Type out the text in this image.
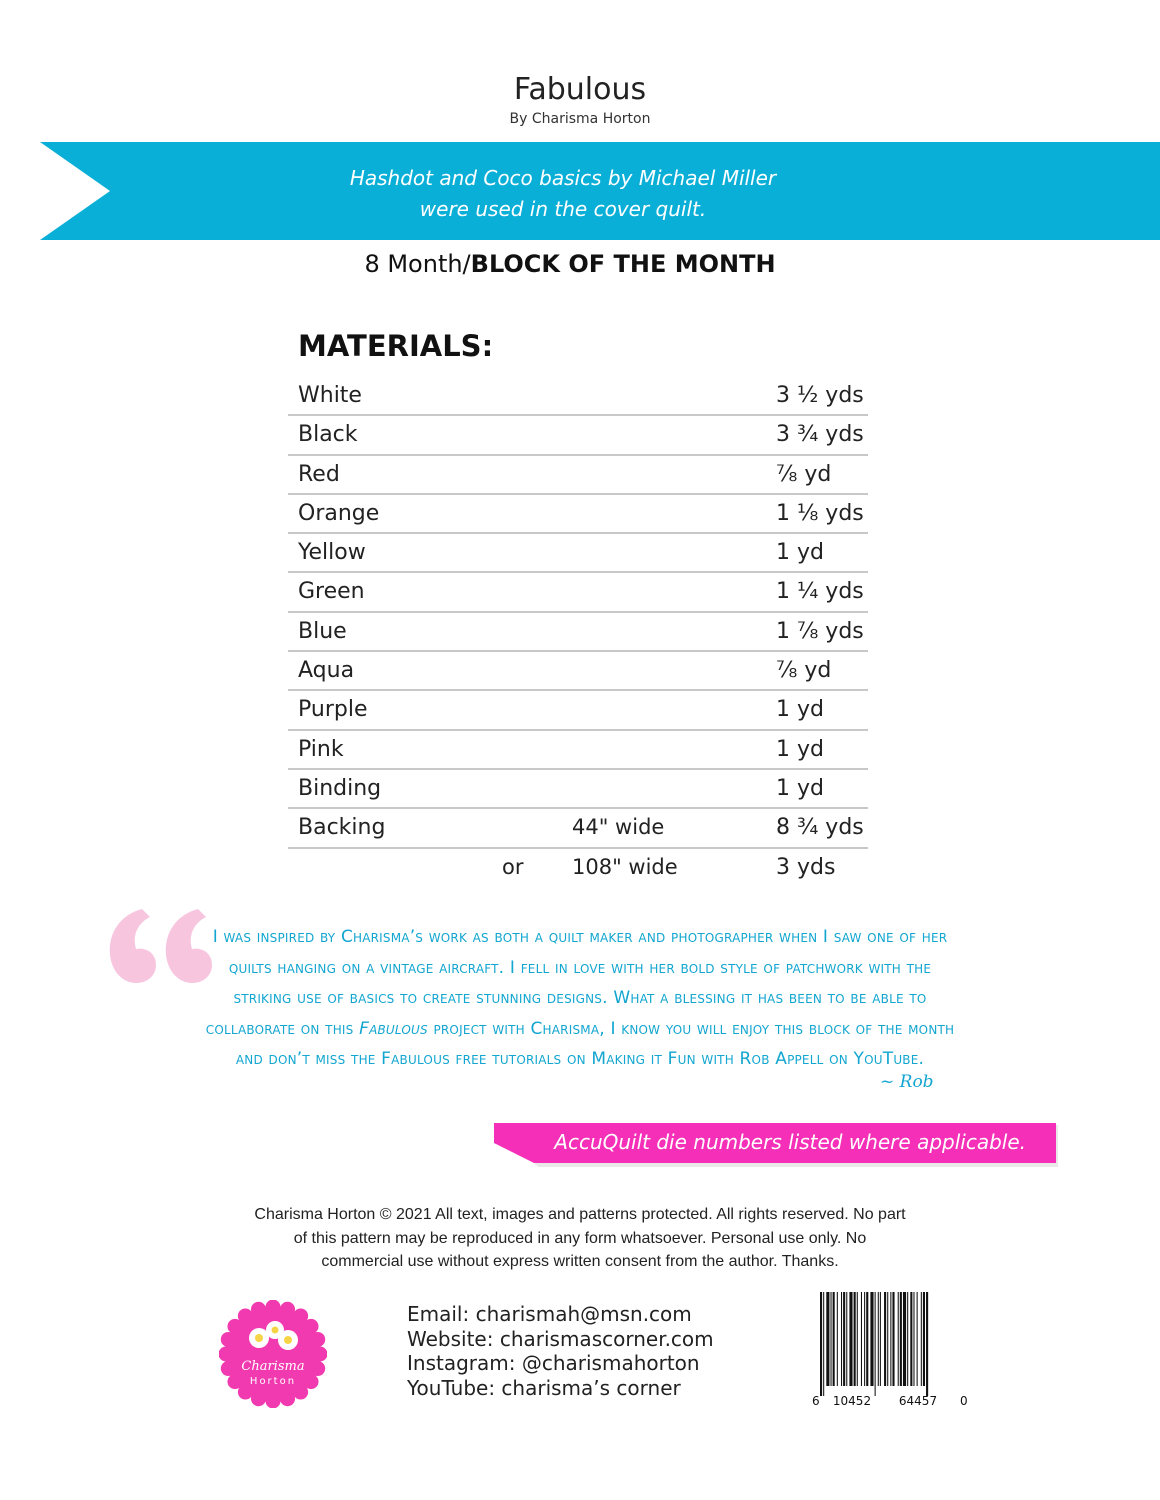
Fabulous
By Charisma Horton
Hashdot and Coco basics by Michael Miller
were used in the cover quilt.
8 Month/BLOCK OF THE MONTH
MATERIALS:
White	3 ½ yds
Black	3 ¾ yds
Red	⅞ yd
Orange	1 ⅛ yds
Yellow	1 yd
Green	1 ¼ yds
Blue	1 ⅞ yds
Aqua	⅞ yd
Purple	1 yd
Pink	1 yd
Binding	1 yd
Backing	44" wide	8 ¾ yds
or 108" wide	3 yds
I was inspired by Charisma’s work as both a quilt maker and photographer when I saw one of her
quilts hanging on a vintage aircraft. I fell in love with her bold style of patchwork with the
striking use of basics to create stunning designs. What a blessing it has been to be able to
collaborate on this Fabulous project with Charisma, I know you will enjoy this block of the month
and don’t miss the Fabulous free tutorials on Making it Fun with Rob Appell on YouTube.
~ Rob
AccuQuilt die numbers listed where applicable.
Charisma Horton © 2021 All text, images and patterns protected. All rights reserved. No part
of this pattern may be reproduced in any form whatsoever. Personal use only. No
commercial use without express written consent from the author. Thanks.
Charisma
Horton
Email: charismah@msn.com
Website: charismascorner.com
Instagram: @charismahorton
YouTube: charisma’s corner
6 10452 64457 0
